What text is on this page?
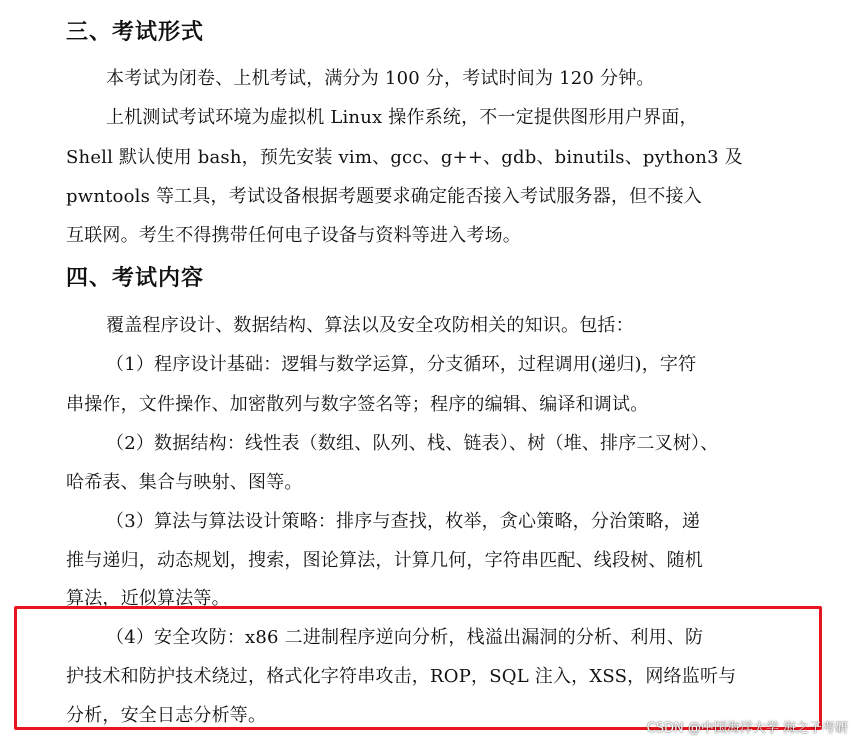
三、考试形式
本考试为闭卷、上机考试，满分为 100 分，考试时间为 120 分钟。
上机测试考试环境为虚拟机 Linux 操作系统，不一定提供图形用户界面，
Shell 默认使用 bash，预先安装 vim、gcc、g++、gdb、binutils、python3 及
pwntools 等工具，考试设备根据考题要求确定能否接入考试服务器，但不接入
互联网。考生不得携带任何电子设备与资料等进入考场。
四、考试内容
覆盖程序设计、数据结构、算法以及安全攻防相关的知识。包括：
（1）程序设计基础：逻辑与数学运算，分支循环，过程调用(递归)，字符
串操作，文件操作、加密散列与数字签名等；程序的编辑、编译和调试。
（2）数据结构：线性表（数组、队列、栈、链表）、树（堆、排序二叉树）、
哈希表、集合与映射、图等。
（3）算法与算法设计策略：排序与查找，枚举，贪心策略，分治策略，递
推与递归，动态规划，搜索，图论算法，计算几何，字符串匹配、线段树、随机
算法，近似算法等。
（4）安全攻防：x86 二进制程序逆向分析，栈溢出漏洞的分析、利用、防
护技术和防护技术绕过，格式化字符串攻击，ROP，SQL 注入，XSS，网络监听与
分析，安全日志分析等。
CSDN @中国海洋大学 海之子考研
